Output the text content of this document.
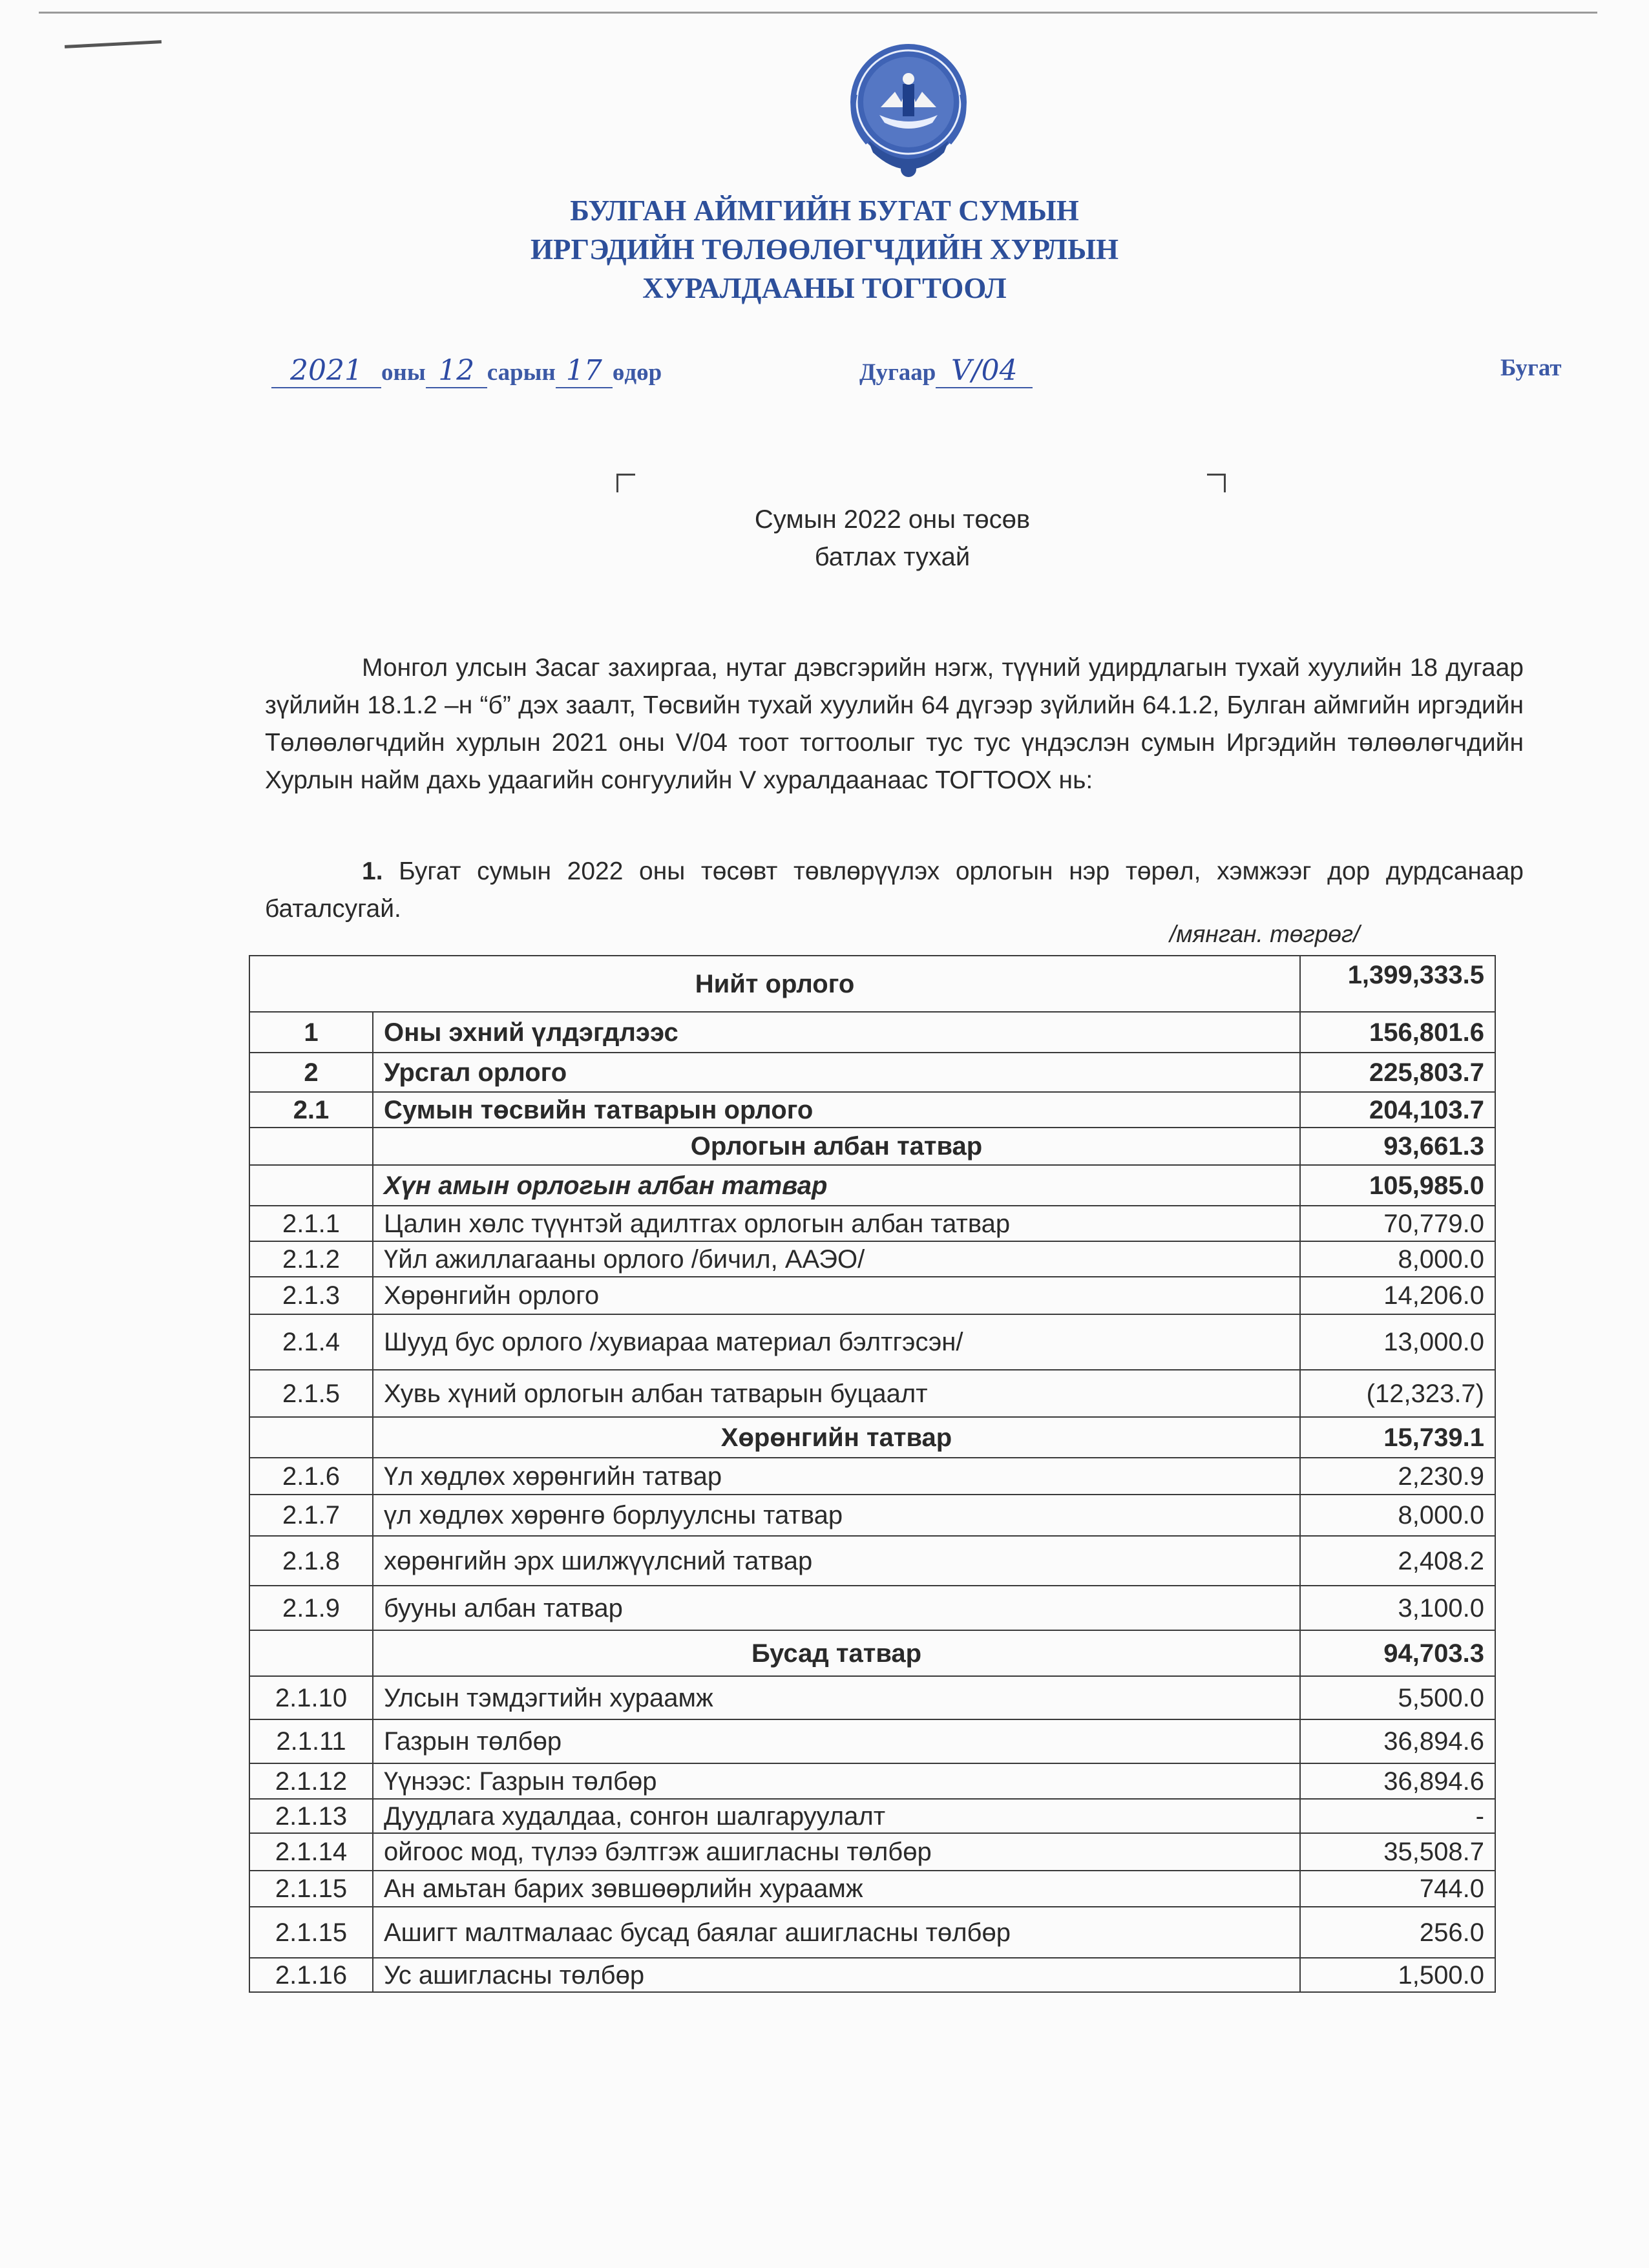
БУЛГАН АЙМГИЙН БУГАТ СУМЫН
ИРГЭДИЙН ТӨЛӨӨЛӨГЧДИЙН ХУРЛЫН
ХУРАЛДААНЫ ТОГТООЛ
2021 оны 12 сарын 17 өдөр	Дугаар V/04	Бугат
Сумын 2022 оны төсөв
батлах тухай
Монгол улсын Засаг захиргаа, нутаг дэвсгэрийн нэгж, түүний удирдлагын тухай хуулийн 18 дугаар зүйлийн 18.1.2 –н “б” дэх заалт, Төсвийн тухай хуулийн 64 дүгээр зүйлийн 64.1.2, Булган аймгийн иргэдийн Төлөөлөгчдийн хурлын 2021 оны V/04 тоот тогтоолыг тус тус үндэслэн сумын Иргэдийн төлөөлөгчдийн Хурлын найм дахь удаагийн сонгуулийн V хуралдаанаас ТОГТООХ нь:
1. Бугат сумын 2022 оны төсөвт төвлөрүүлэх орлогын нэр төрөл, хэмжээг дор дурдсанаар баталсугай.
/мянган. төгрөг/
Нийт орлого		1,399,333.5
1	Оны эхний үлдэгдлээс	156,801.6
2	Урсгал орлого	225,803.7
2.1	Сумын төсвийн татварын орлого	204,103.7
	Орлогын албан татвар	93,661.3
	Хүн амын орлогын албан татвар	105,985.0
2.1.1	Цалин хөлс түүнтэй адилтгах орлогын албан татвар	70,779.0
2.1.2	Үйл ажиллагааны орлого /бичил, ААЭО/	8,000.0
2.1.3	Хөрөнгийн орлого	14,206.0
2.1.4	Шууд бус орлого /хувиараа материал бэлтгэсэн/	13,000.0
2.1.5	Хувь хүний орлогын албан татварын буцаалт	(12,323.7)
	Хөрөнгийн татвар	15,739.1
2.1.6	Үл хөдлөх хөрөнгийн татвар	2,230.9
2.1.7	үл хөдлөх хөрөнгө борлуулсны татвар	8,000.0
2.1.8	хөрөнгийн эрх шилжүүлсний татвар	2,408.2
2.1.9	бууны албан татвар	3,100.0
	Бусад татвар	94,703.3
2.1.10	Улсын тэмдэгтийн хураамж	5,500.0
2.1.11	Газрын төлбөр	36,894.6
2.1.12	Үүнээс: Газрын төлбөр	36,894.6
2.1.13	Дуудлага худалдаа, сонгон шалгаруулалт	-
2.1.14	ойгоос мод, түлээ бэлтгэж ашигласны төлбөр	35,508.7
2.1.15	Ан амьтан барих зөвшөөрлийн хураамж	744.0
2.1.15	Ашигт малтмалаас бусад баялаг ашигласны төлбөр	256.0
2.1.16	Ус ашигласны төлбөр	1,500.0
